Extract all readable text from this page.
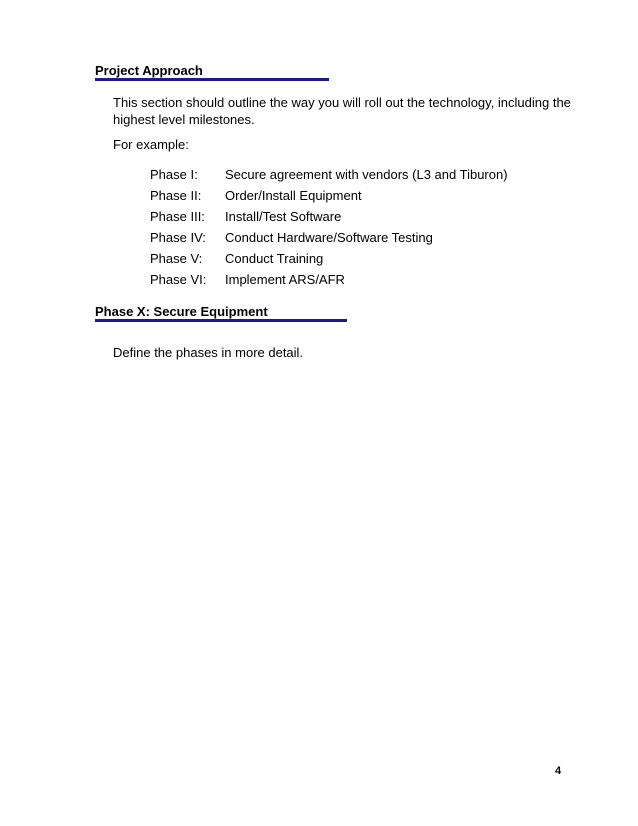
Project Approach

This section should outline the way you will roll out the technology, including the highest level milestones.

For example:

Phase I:	Secure agreement with vendors (L3 and Tiburon)
Phase II:	Order/Install Equipment
Phase III:	Install/Test Software
Phase IV:	Conduct Hardware/Software Testing
Phase V:	Conduct Training
Phase VI:	Implement ARS/AFR
Phase X: Secure Equipment

Define the phases in more detail.

4
